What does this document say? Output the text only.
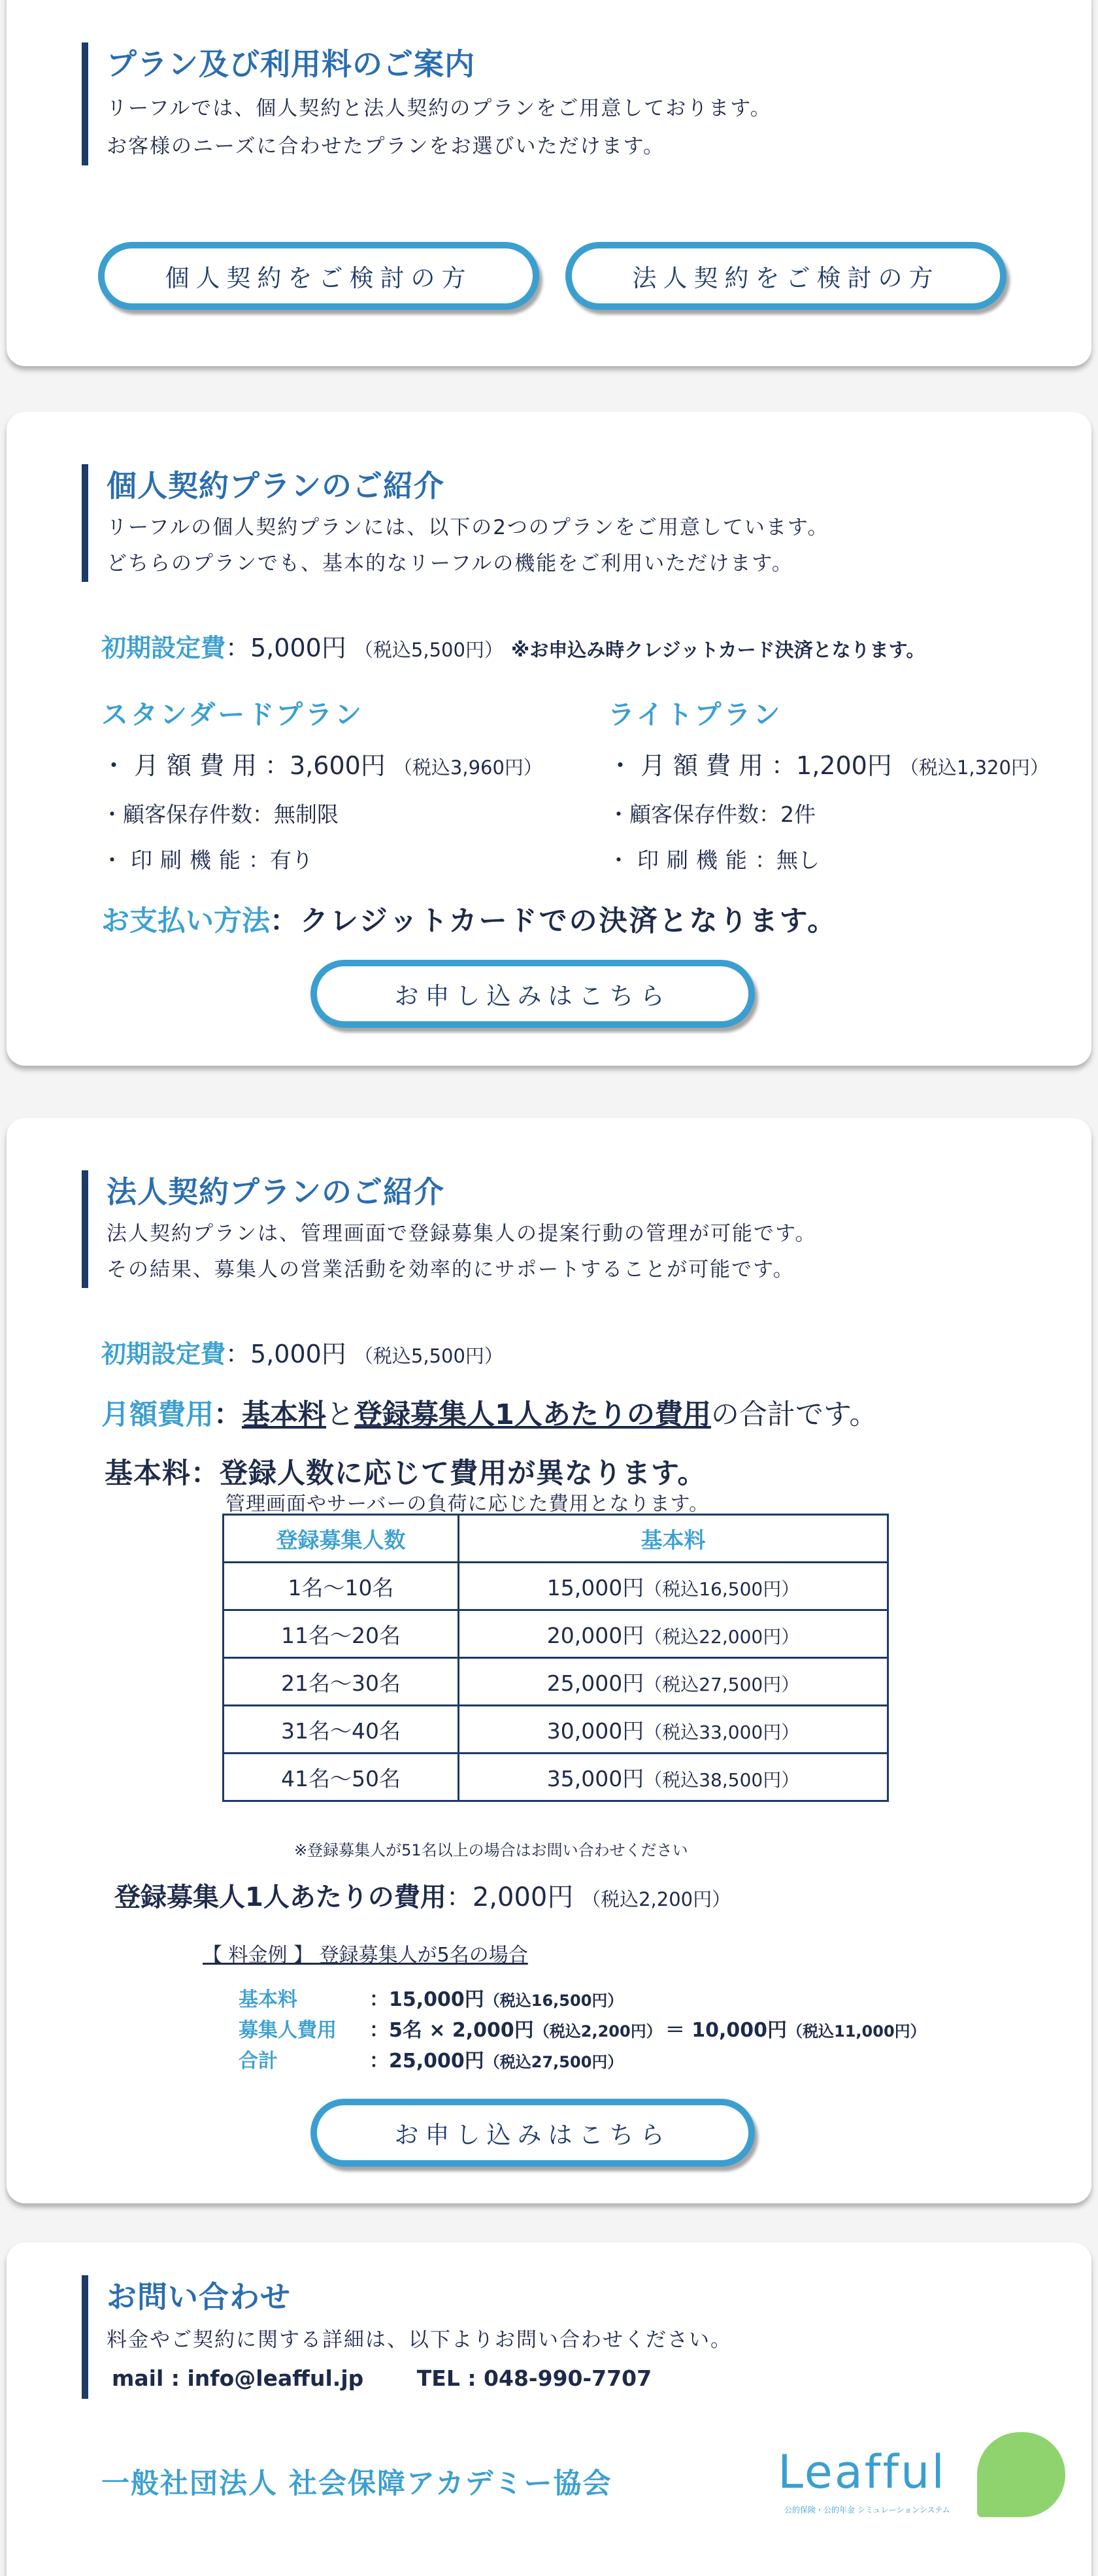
プラン及び利用料のご案内
リーフルでは、個人契約と法人契約のプランをご用意しております。
お客様のニーズに合わせたプランをお選びいただけます。
個人契約をご検討の方	法人契約をご検討の方
個人契約プランのご紹介
リーフルの個人契約プランには、以下の2つのプランをご用意しています。
どちらのプランでも、基本的なリーフルの機能をご利用いただけます。
初期設定費：5,000円 （税込5,500円） ※お申込み時クレジットカード決済となります。
スタンダードプラン
・月額費用：3,600円 （税込3,960円）
・顧客保存件数：無制限
・印刷機能：有り
ライトプラン
・月額費用：1,200円 （税込1,320円）
・顧客保存件数：2件
・印刷機能：無し
お支払い方法：クレジットカードでの決済となります。
お申し込みはこちら
法人契約プランのご紹介
法人契約プランは、管理画面で登録募集人の提案行動の管理が可能です。
その結果、募集人の営業活動を効率的にサポートすることが可能です。
初期設定費：5,000円 （税込5,500円）
月額費用：基本料と登録募集人1人あたりの費用の合計です。
基本料：登録人数に応じて費用が異なります。
管理画面やサーバーの負荷に応じた費用となります。
登録募集人数	基本料
1名～10名	15,000円（税込16,500円）
11名～20名	20,000円（税込22,000円）
21名～30名	25,000円（税込27,500円）
31名～40名	30,000円（税込33,000円）
41名～50名	35,000円（税込38,500円）
※登録募集人が51名以上の場合はお問い合わせください
登録募集人1人あたりの費用：2,000円 （税込2,200円）
【 料金例 】 登録募集人が5名の場合
基本料	：15,000円（税込16,500円）
募集人費用 ：5名 × 2,000円（税込2,200円） ＝ 10,000円（税込11,000円）
合計	：25,000円（税込27,500円）
お申し込みはこちら
お問い合わせ
料金やご契約に関する詳細は、以下よりお問い合わせください。
mail : info@leafful.jp TEL : 048-990-7707
一般社団法人 社会保障アカデミー協会	Leafful
公的保険・公的年金 シミュレーションシステム
